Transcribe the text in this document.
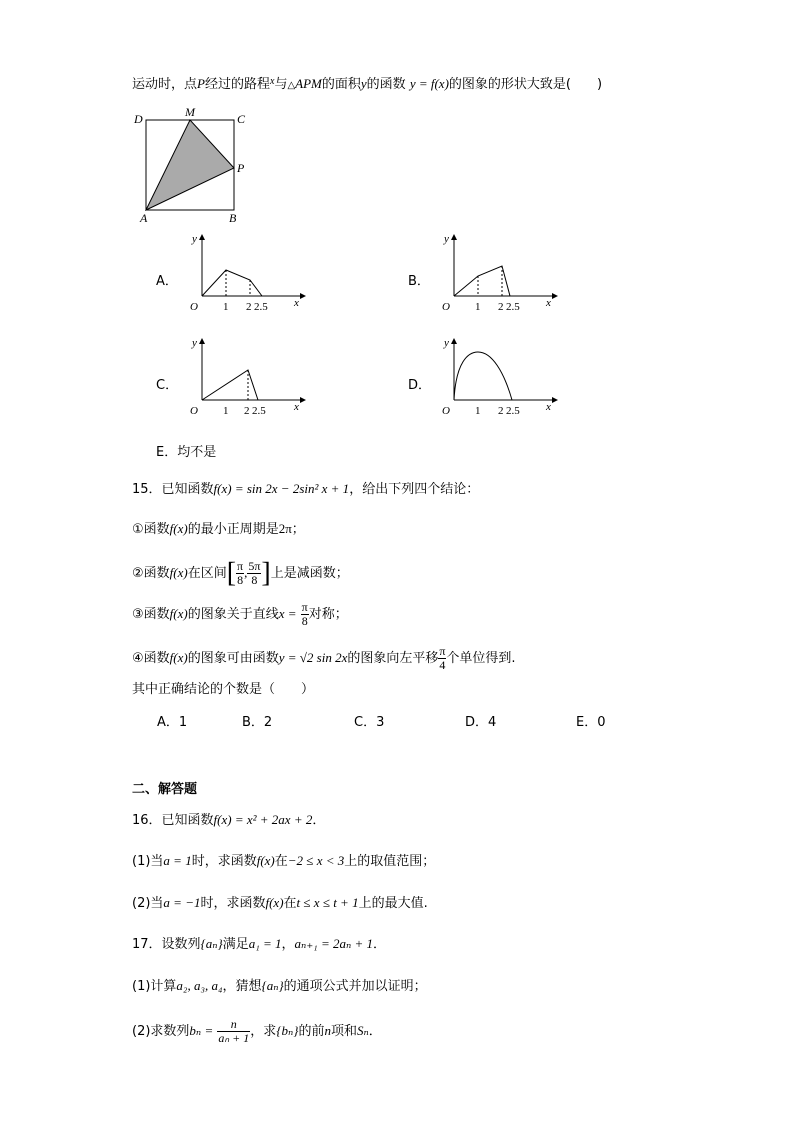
运动时，点P经过的路程$^x$与△APM的面积y的函数 y = f(x)的图象的形状大致是(　　)
D	M	C
P
A	B
A．
y
O	x
1 2 2.5
B．
y
O	x
1 2 2.5
C．
y
O	x
1 2 2.5
D．
y
O	x
1 2 2.5
E．均不是
15．已知函数f(x) = sin 2x − 2sin² x + 1，给出下列四个结论：
①函数f(x)的最小正周期是2π；
②函数f(x)在区间[ $\frac{\pi}{8}$ , $\frac{5\pi}{8}$ ]上是减函数；
③函数f(x)的图象关于直线$x = \frac{\pi}{8}$ 对称；
④函数f(x)的图象可由函数y = √2 sin 2x的图象向左平移 $\frac{\pi}{4}$ 个单位得到.
其中正确结论的个数是（　　）
A．1	B．2	C．3	D．4	E．0
二、解答题
16．已知函数f(x) = x² + 2ax + 2．
(1)当a = 1时，求函数f(x)在−2 ≤ x < 3上的取值范围；
(2)当a = −1时，求函数f(x)在t ≤ x ≤ t + 1上的最大值.
17．设数列{aₙ}满足a₁ = 1，aₙ₊₁ = 2aₙ + 1．
(1)计算a₂, a₃, a₄，猜想{aₙ}的通项公式并加以证明；
(2)求数列$b_n = \frac{n}{\text{aₙ + 1}}$ ，求{bₙ}的前n项和Sₙ．
